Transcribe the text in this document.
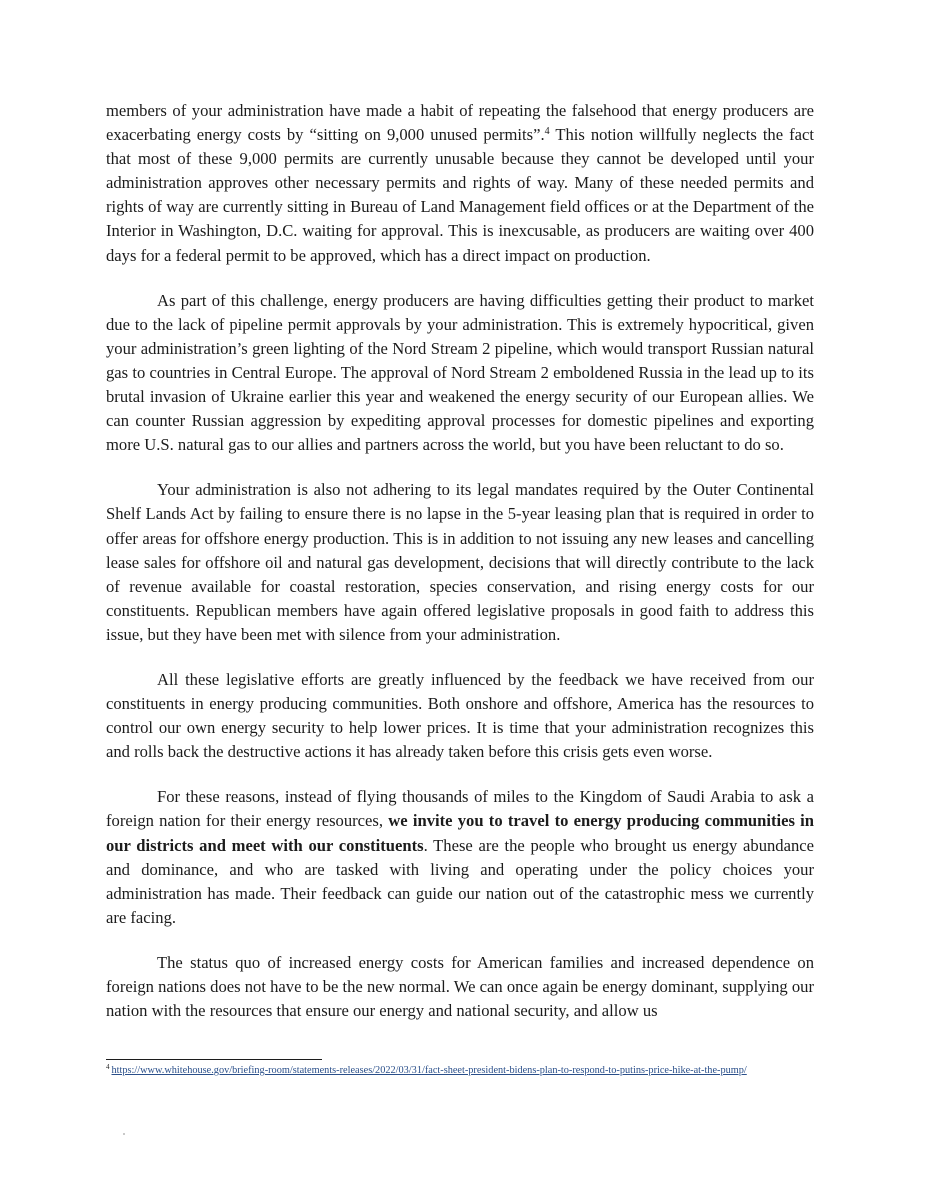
members of your administration have made a habit of repeating the falsehood that energy producers are exacerbating energy costs by “sitting on 9,000 unused permits”.$^4$ This notion willfully neglects the fact that most of these 9,000 permits are currently unusable because they cannot be developed until your administration approves other necessary permits and rights of way. Many of these needed permits and rights of way are currently sitting in Bureau of Land Management field offices or at the Department of the Interior in Washington, D.C. waiting for approval. This is inexcusable, as producers are waiting over 400 days for a federal permit to be approved, which has a direct impact on production.

As part of this challenge, energy producers are having difficulties getting their product to market due to the lack of pipeline permit approvals by your administration. This is extremely hypocritical, given your administration’s green lighting of the Nord Stream 2 pipeline, which would transport Russian natural gas to countries in Central Europe. The approval of Nord Stream 2 emboldened Russia in the lead up to its brutal invasion of Ukraine earlier this year and weakened the energy security of our European allies. We can counter Russian aggression by expediting approval processes for domestic pipelines and exporting more U.S. natural gas to our allies and partners across the world, but you have been reluctant to do so.

Your administration is also not adhering to its legal mandates required by the Outer Continental Shelf Lands Act by failing to ensure there is no lapse in the 5-year leasing plan that is required in order to offer areas for offshore energy production. This is in addition to not issuing any new leases and cancelling lease sales for offshore oil and natural gas development, decisions that will directly contribute to the lack of revenue available for coastal restoration, species conservation, and rising energy costs for our constituents. Republican members have again offered legislative proposals in good faith to address this issue, but they have been met with silence from your administration.

All these legislative efforts are greatly influenced by the feedback we have received from our constituents in energy producing communities. Both onshore and offshore, America has the resources to control our own energy security to help lower prices. It is time that your administration recognizes this and rolls back the destructive actions it has already taken before this crisis gets even worse.

For these reasons, instead of flying thousands of miles to the Kingdom of Saudi Arabia to ask a foreign nation for their energy resources, we invite you to travel to energy producing communities in our districts and meet with our constituents. These are the people who brought us energy abundance and dominance, and who are tasked with living and operating under the policy choices your administration has made. Their feedback can guide our nation out of the catastrophic mess we currently are facing.

The status quo of increased energy costs for American families and increased dependence on foreign nations does not have to be the new normal. We can once again be energy dominant, supplying our nation with the resources that ensure our energy and national security, and allow us

$^4$ https://www.whitehouse.gov/briefing-room/statements-releases/2022/03/31/fact-sheet-president-bidens-plan-to-respond-to-putins-price-hike-at-the-pump/
